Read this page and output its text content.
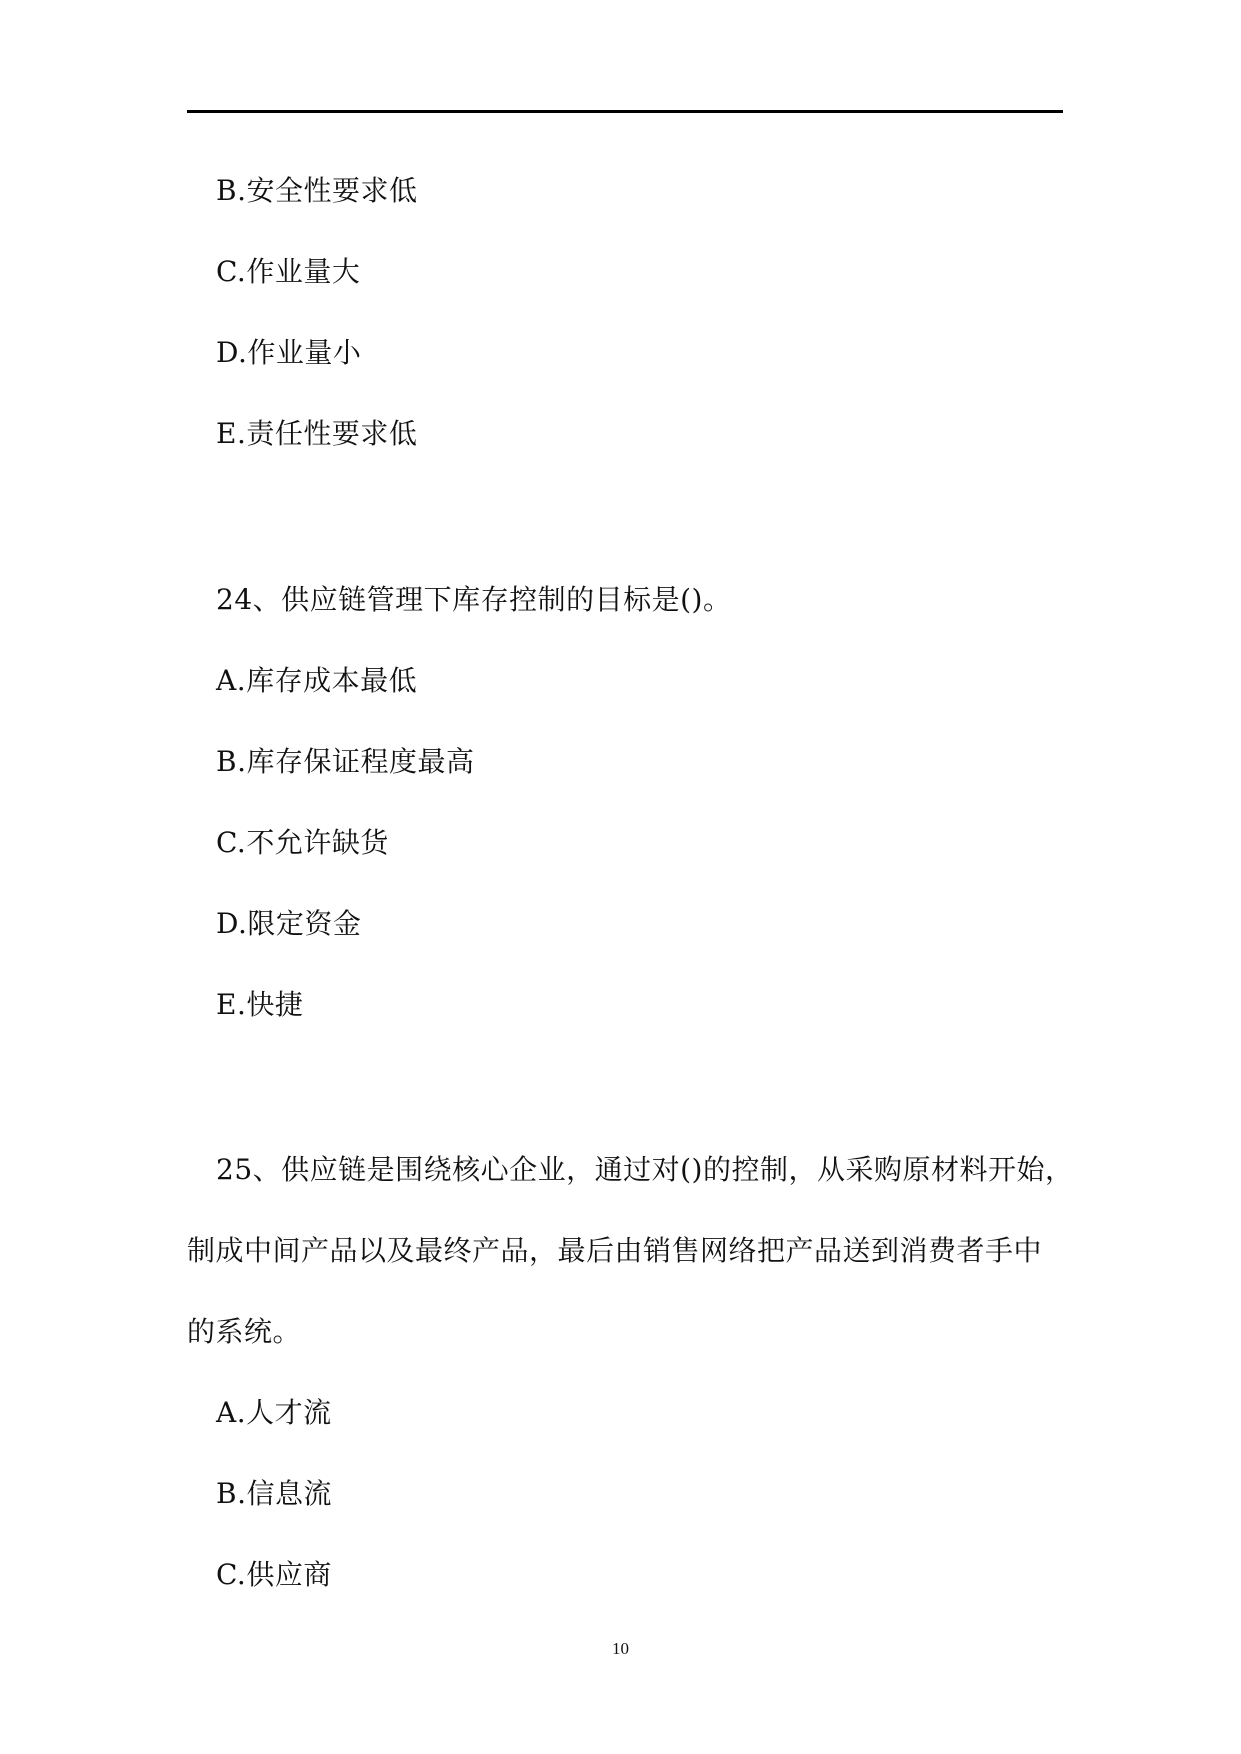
B.安全性要求低
C.作业量大
D.作业量小
E.责任性要求低
24、供应链管理下库存控制的目标是()。
A.库存成本最低
B.库存保证程度最高
C.不允许缺货
D.限定资金
E.快捷
25、供应链是围绕核心企业，通过对()的控制，从采购原材料开始，
制成中间产品以及最终产品，最后由销售网络把产品送到消费者手中
的系统。
A.人才流
B.信息流
C.供应商
10
